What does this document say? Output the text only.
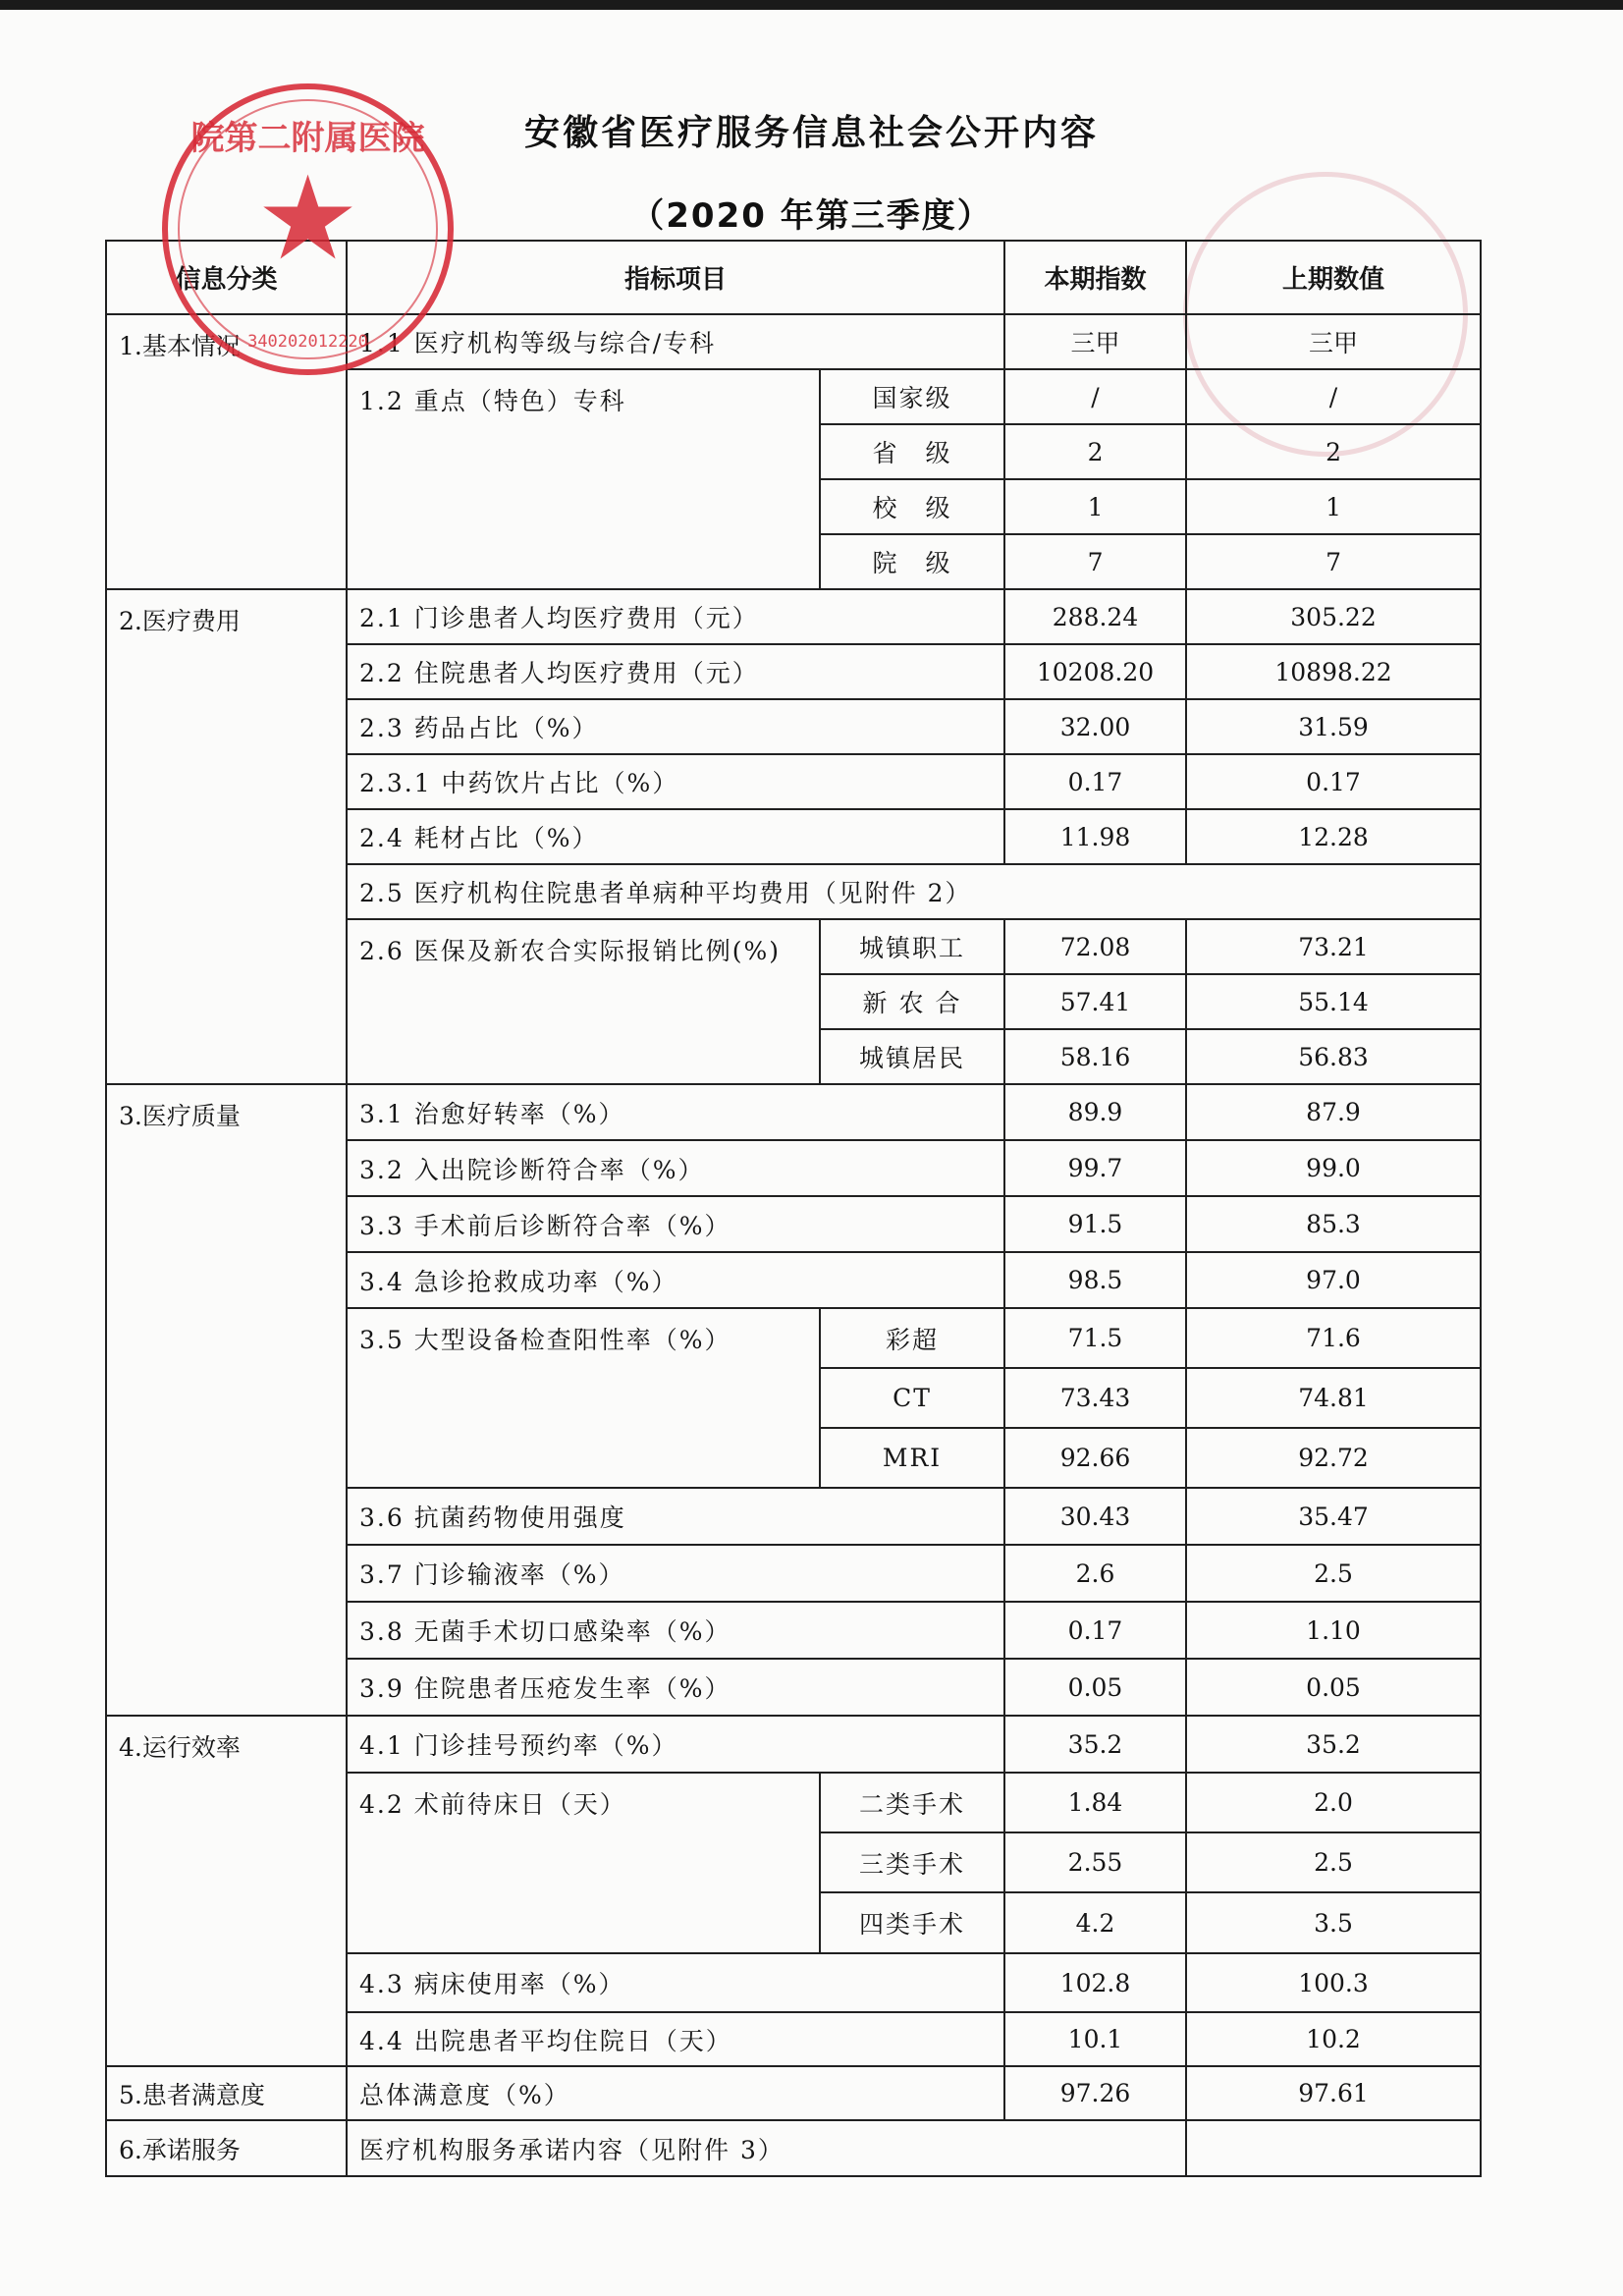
安徽省医疗服务信息社会公开内容
（2020 年第三季度）
信息分类	指标项目		本期指数	上期数值
1.基本情况	1.1 医疗机构等级与综合/专科		三甲	三甲
	1.2 重点（特色）专科	国家级	/	/
		省　级	2	2
		校　级	1	1
		院　级	7	7
2.医疗费用	2.1 门诊患者人均医疗费用（元）		288.24	305.22
	2.2 住院患者人均医疗费用（元）		10208.20	10898.22
	2.3 药品占比（%）		32.00	31.59
	2.3.1 中药饮片占比（%）		0.17	0.17
	2.4 耗材占比（%）		11.98	12.28
	2.5 医疗机构住院患者单病种平均费用（见附件 2）			
	2.6 医保及新农合实际报销比例(%)	城镇职工	72.08	73.21
		新 农 合	57.41	55.14
		城镇居民	58.16	56.83
3.医疗质量	3.1 治愈好转率（%）		89.9	87.9
	3.2 入出院诊断符合率（%）		99.7	99.0
	3.3 手术前后诊断符合率（%）		91.5	85.3
	3.4 急诊抢救成功率（%）		98.5	97.0
	3.5 大型设备检查阳性率（%）	彩超	71.5	71.6
		CT	73.43	74.81
		MRI	92.66	92.72
	3.6 抗菌药物使用强度		30.43	35.47
	3.7 门诊输液率（%）		2.6	2.5
	3.8 无菌手术切口感染率（%）		0.17	1.10
	3.9 住院患者压疮发生率（%）		0.05	0.05
4.运行效率	4.1 门诊挂号预约率（%）		35.2	35.2
	4.2 术前待床日（天）	二类手术	1.84	2.0
		三类手术	2.55	2.5
		四类手术	4.2	3.5
	4.3 病床使用率（%）		102.8	100.3
	4.4 出院患者平均住院日（天）		10.1	10.2
5.患者满意度	总体满意度（%）		97.26	97.61
6.承诺服务	医疗机构服务承诺内容（见附件 3）			
院第二附属医院
★
340202012220
